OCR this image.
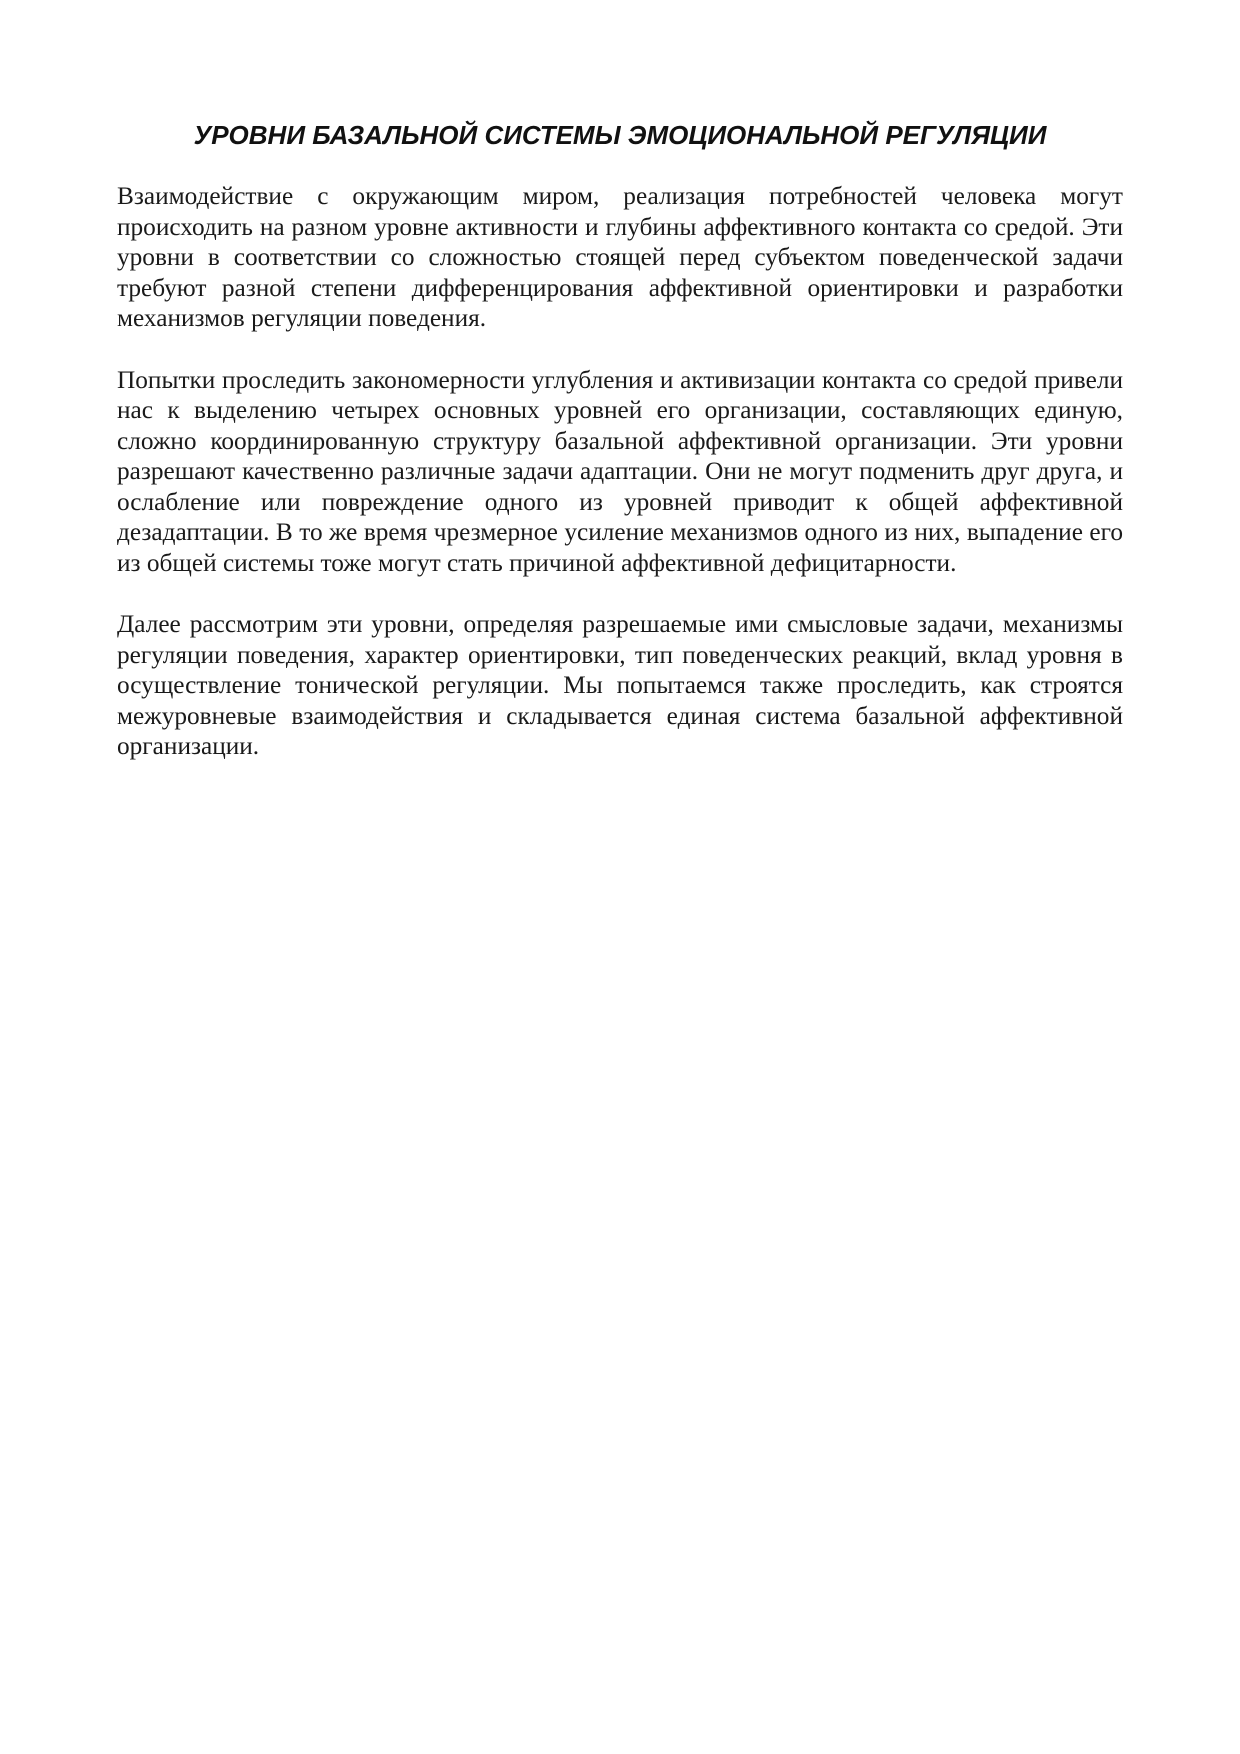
УРОВНИ БАЗАЛЬНОЙ СИСТЕМЫ ЭМОЦИОНАЛЬНОЙ РЕГУЛЯЦИИ

Взаимодействие с окружающим миром, реализация потребностей человека могут происходить на разном уровне активности и глубины аффективного контакта со средой. Эти уровни в соответствии со сложностью стоящей перед субъектом поведенческой задачи требуют разной степени дифференцирования аффективной ориентировки и разработки механизмов регуляции поведения.

Попытки проследить закономерности углубления и активизации контакта со средой привели нас к выделению четырех основных уровней его организации, составляющих единую, сложно координированную структуру базальной аффективной организации. Эти уровни разрешают качественно различные задачи адаптации. Они не могут подменить друг друга, и ослабление или повреждение одного из уровней приводит к общей аффективной дезадаптации. В то же время чрезмерное усиление механизмов одного из них, выпадение его из общей системы тоже могут стать причиной аффективной дефицитарности.

Далее рассмотрим эти уровни, определяя разрешаемые ими смысловые задачи, механизмы регуляции поведения, характер ориентировки, тип поведенческих реакций, вклад уровня в осуществление тонической регуляции. Мы попытаемся также проследить, как строятся межуровневые взаимодействия и складывается единая система базальной аффективной организации.
